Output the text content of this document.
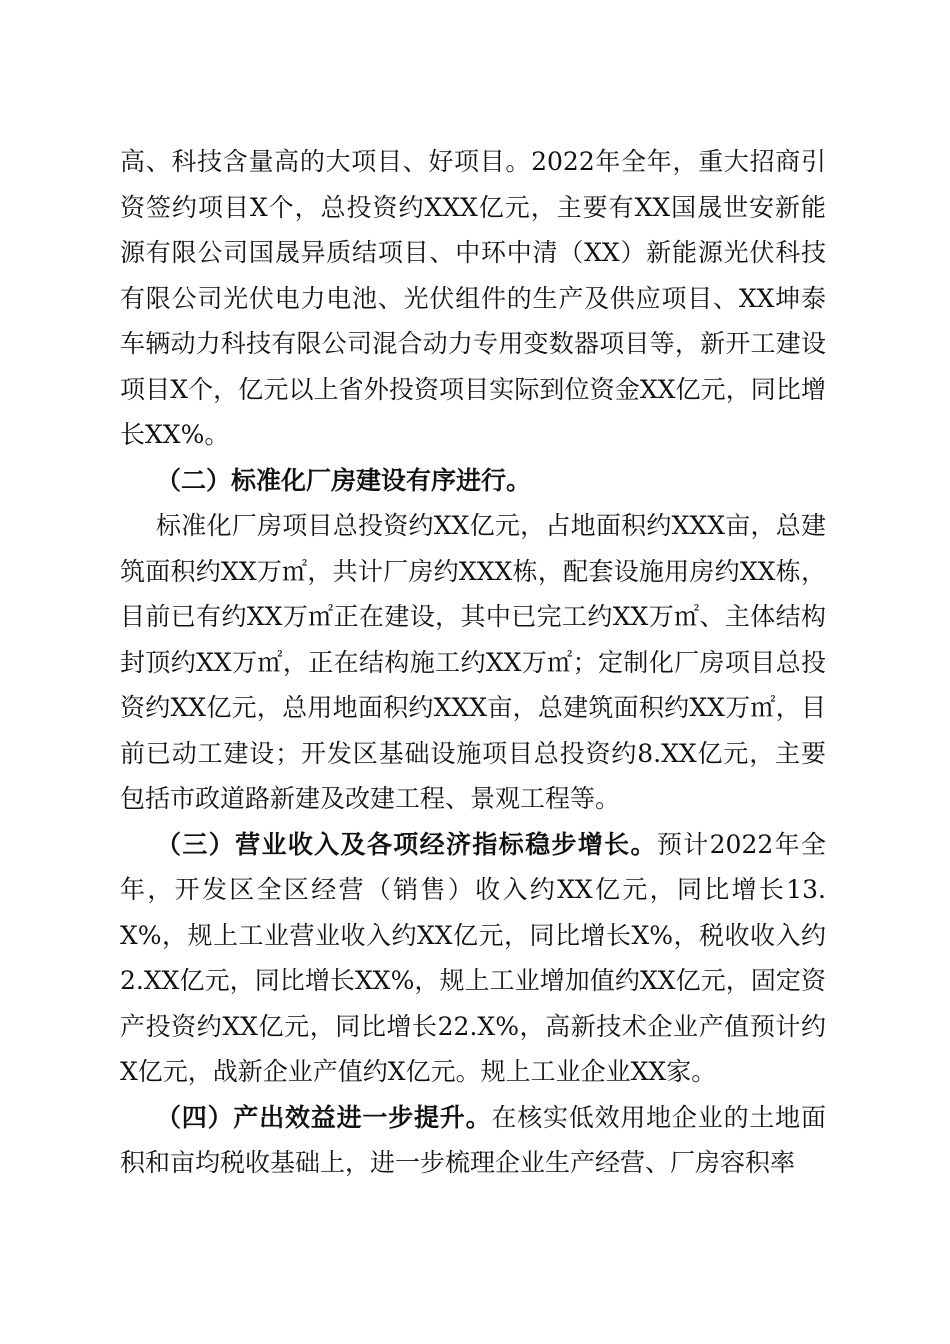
高、科技含量高的大项目、好项目。2022年全年，重大招商引资签约项目X个，总投资约XXX亿元，主要有XX国晟世安新能源有限公司国晟异质结项目、中环中清（XX）新能源光伏科技有限公司光伏电力电池、光伏组件的生产及供应项目、XX坤泰车辆动力科技有限公司混合动力专用变数器项目等，新开工建设项目X个，亿元以上省外投资项目实际到位资金XX亿元，同比增长XX%。

（二）标准化厂房建设有序进行。

标准化厂房项目总投资约XX亿元，占地面积约XXX亩，总建筑面积约XX万㎡，共计厂房约XXX栋，配套设施用房约XX栋，目前已有约XX万㎡正在建设，其中已完工约XX万㎡、主体结构封顶约XX万㎡，正在结构施工约XX万㎡；定制化厂房项目总投资约XX亿元，总用地面积约XXX亩，总建筑面积约XX万㎡，目前已动工建设；开发区基础设施项目总投资约8.XX亿元，主要包括市政道路新建及改建工程、景观工程等。

（三）营业收入及各项经济指标稳步增长。预计2022年全年，开发区全区经营（销售）收入约XX亿元，同比增长13.X%，规上工业营业收入约XX亿元，同比增长X%，税收收入约2.XX亿元，同比增长XX%，规上工业增加值约XX亿元，固定资产投资约XX亿元，同比增长22.X%，高新技术企业产值预计约X亿元，战新企业产值约X亿元。规上工业企业XX家。

（四）产出效益进一步提升。在核实低效用地企业的土地面积和亩均税收基础上，进一步梳理企业生产经营、厂房容积率
